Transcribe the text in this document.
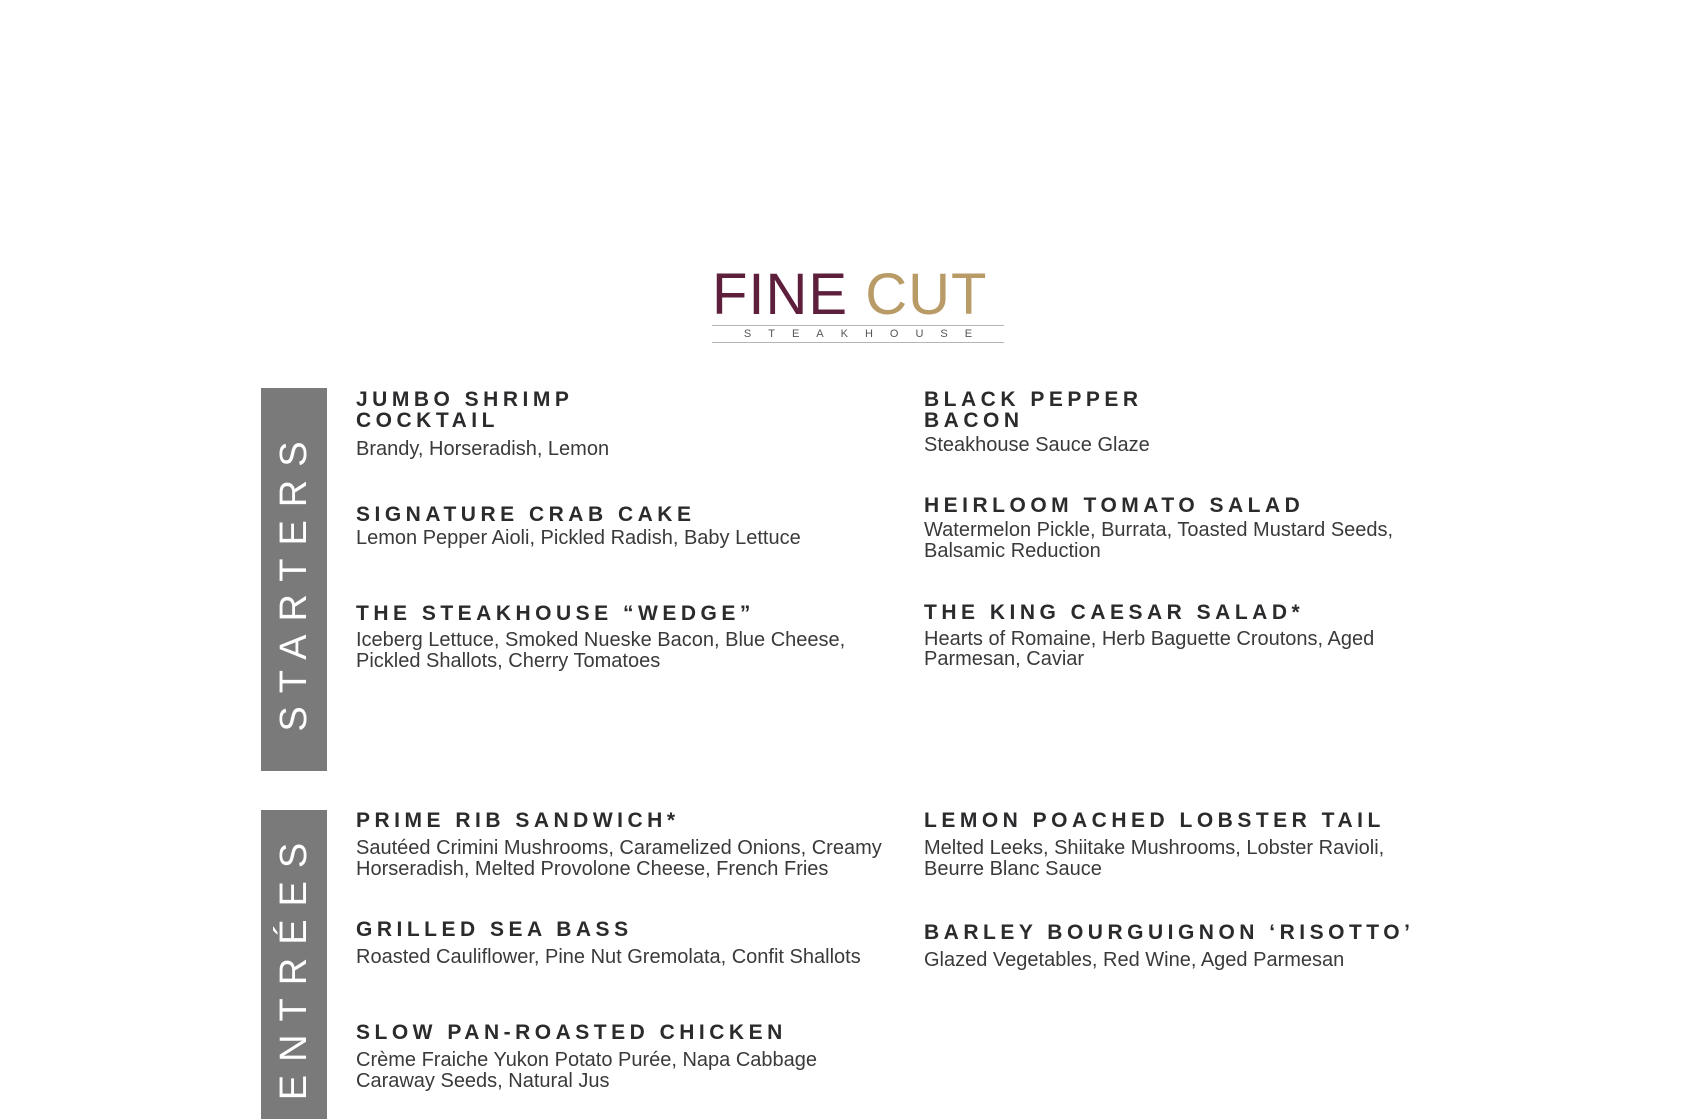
FINE CUT
STEAKHOUSE
STARTERS
JUMBO SHRIMP COCKTAIL
Brandy, Horseradish, Lemon
BLACK PEPPER BACON
Steakhouse Sauce Glaze
SIGNATURE CRAB CAKE
Lemon Pepper Aioli, Pickled Radish, Baby Lettuce
HEIRLOOM TOMATO SALAD
Watermelon Pickle, Burrata, Toasted Mustard Seeds, Balsamic Reduction
THE STEAKHOUSE “WEDGE”
Iceberg Lettuce, Smoked Nueske Bacon, Blue Cheese, Pickled Shallots, Cherry Tomatoes
THE KING CAESAR SALAD*
Hearts of Romaine, Herb Baguette Croutons, Aged Parmesan, Caviar
ENTRÉES
PRIME RIB SANDWICH*
Sautéed Crimini Mushrooms, Caramelized Onions, Creamy Horseradish, Melted Provolone Cheese, French Fries
LEMON POACHED LOBSTER TAIL
Melted Leeks, Shiitake Mushrooms, Lobster Ravioli, Beurre Blanc Sauce
GRILLED SEA BASS
Roasted Cauliflower, Pine Nut Gremolata, Confit Shallots
BARLEY BOURGUIGNON ‘RISOTTO’
Glazed Vegetables, Red Wine, Aged Parmesan
SLOW PAN-ROASTED CHICKEN
Crème Fraiche Yukon Potato Purée, Napa Cabbage Caraway Seeds, Natural Jus
